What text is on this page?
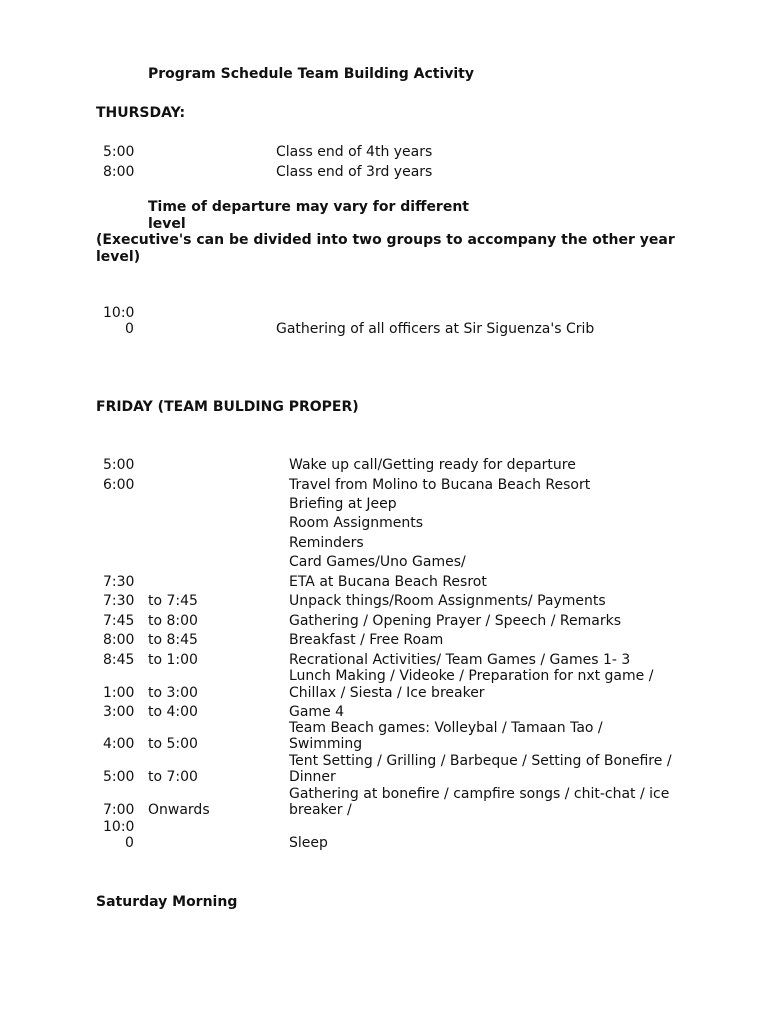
Program Schedule Team Building Activity
THURSDAY:
5:00	Class end of 4th years
8:00	Class end of 3rd years
Time of departure may vary for different
level
(Executive's can be divided into two groups to accompany the other year
level)
10:0
0	Gathering of all officers at Sir Siguenza's Crib
FRIDAY (TEAM BULDING PROPER)
5:00	Wake up call/Getting ready for departure
6:00	Travel from Molino to Bucana Beach Resort
Briefing at Jeep
Room Assignments
Reminders
Card Games/Uno Games/
7:30	ETA at Bucana Beach Resrot
7:30 to 7:45	Unpack things/Room Assignments/ Payments
7:45 to 8:00	Gathering / Opening Prayer / Speech / Remarks
8:00 to 8:45	Breakfast / Free Roam
8:45 to 1:00	Recrational Activities/ Team Games / Games 1- 3
Lunch Making / Videoke / Preparation for nxt game /
1:00 to 3:00	Chillax / Siesta / Ice breaker
3:00 to 4:00	Game 4
Team Beach games: Volleybal / Tamaan Tao /
4:00 to 5:00	Swimming
Tent Setting / Grilling / Barbeque / Setting of Bonefire /
5:00 to 7:00	Dinner
Gathering at bonefire / campfire songs / chit-chat / ice
7:00 Onwards	breaker /
10:0
0	Sleep
Saturday Morning
